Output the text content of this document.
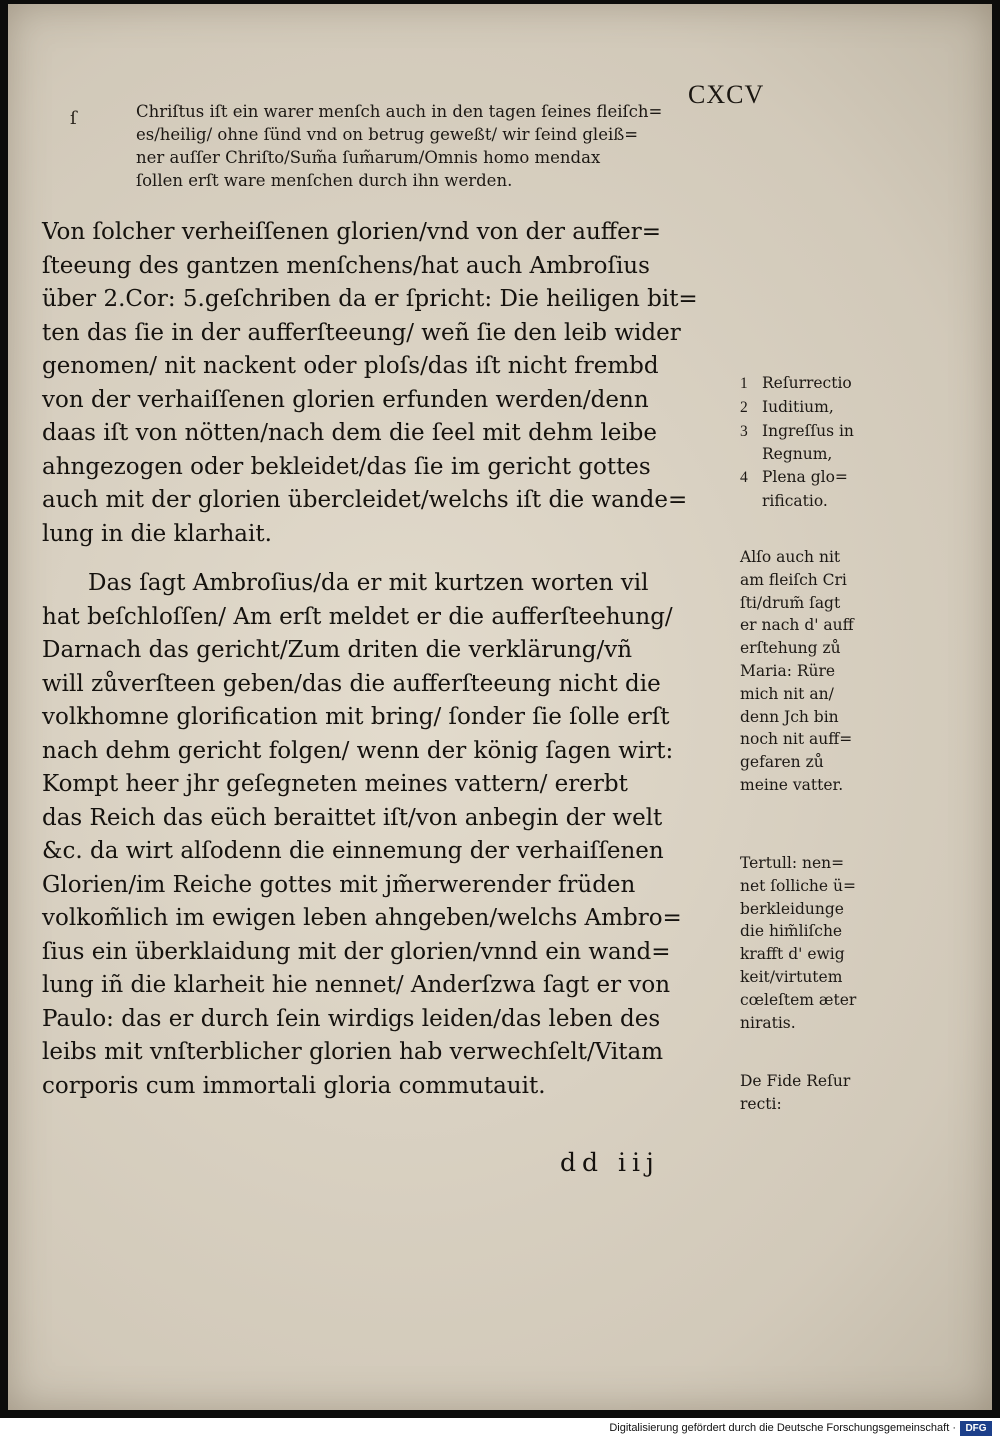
CXCV
ſ	Chriſtus iſt ein warer menſch auch in den tagen ſeines fleiſch=
es/heilig/ ohne ſünd vnd on betrug geweßt/ wir ſeind gleiß=
ner auſſer Chriſto/Sum̃a ſum̃arum/Omnis homo mendax
ſollen erſt ware menſchen durch ihn werden.

Von ſolcher verheiſſenen glorien/vnd von der auffer=
ſteeung des gantzen menſchens/hat auch Ambroſius
über 2.Cor: 5.geſchriben da er ſpricht: Die heiligen bit=
ten das ſie in der aufferſteeung/ weñ ſie den leib wider
genomen/ nit nackent oder ploſs/das iſt nicht frembd
von der verhaiſſenen glorien erfunden werden/denn
daas iſt von nötten/nach dem die ſeel mit dehm leibe
ahngezogen oder bekleidet/das ſie im gericht gottes
auch mit der glorien übercleidet/welchs iſt die wande=
lung in die klarhait.

Das ſagt Ambroſius/da er mit kurtzen worten vil
hat beſchloſſen/ Am erſt meldet er die aufferſteehung/
Darnach das gericht/Zum driten die verklärung/vñ
will zůverſteen geben/das die aufferſteeung nicht die
volkhomne glorification mit bring/ ſonder ſie ſolle erſt
nach dehm gericht folgen/ wenn der könig ſagen wirt:
Kompt heer jhr geſegneten meines vattern/ ererbt
das Reich das eüch beraittet iſt/von anbegin der welt
&c. da wirt alſodenn die einnemung der verhaiſſenen
Glorien/im Reiche gottes mit jm̃erwerender früden
volkom̃lich im ewigen leben ahngeben/welchs Ambro=
ſius ein überklaidung mit der glorien/vnnd ein wand=
lung iñ die klarheit hie nennet/ Anderſzwa ſagt er von
Paulo: das er durch ſein wirdigs leiden/das leben des
leibs mit vnſterblicher glorien hab verwechſelt/Vitam
corporis cum immortali gloria commutauit.

1 Reſurrectio
2 Iuditium,
3 Ingreſſus in
Regnum,
4 Plena glo=
rificatio.
Alſo auch nit
am fleiſch Cri
ſti/drum̃ ſagt
er nach d' auff
erſtehung zů
Maria: Rüre
mich nit an/
denn Jch bin
noch nit auff=
gefaren zů
meine vatter.
Tertull: nen=
net ſolliche ü=
berkleidunge
die him̃liſche
krafft d' ewig
keit/virtutem
cœleſtem æter
niratis.
De Fide Reſur
recti:
dd iij
Digitalisierung gefördert durch die Deutsche Forschungsgemeinschaft · DFG
